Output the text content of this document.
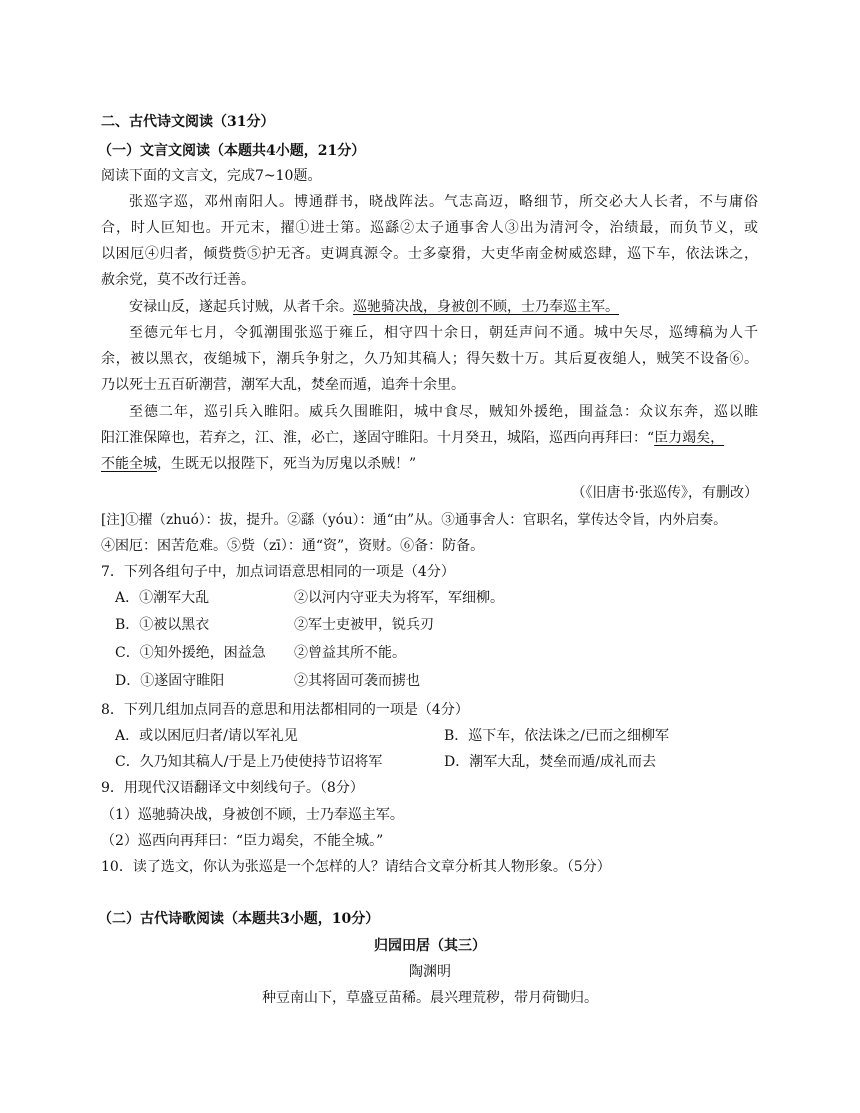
二、古代诗文阅读（31分）
（一）文言文阅读（本题共4小题，21分）
阅读下面的文言文，完成7~10题。
张巡字巡，邓州南阳人。博通群书，晓战阵法。气志高迈，略细节，所交必大人长者，不与庸俗
合，时人叵知也。开元末，擢①进士第。巡繇②太子通事舍人③出为清河令，治绩最，而负节义，或
以困厄④归者，倾赀赀⑤护无吝。吏调真源令。士多豪猾，大吏华南金树威恣肆，巡下车，依法诛之，
赦余党，莫不改行迁善。
安禄山反，遂起兵讨贼，从者千余。巡驰骑决战，身被创不顾，士乃奉巡主军。
至德元年七月，令狐潮围张巡于雍丘，相守四十余日，朝廷声问不通。城中矢尽，巡缚稿为人千
余，被以黑衣，夜缒城下，潮兵争射之，久乃知其稿人；得矢数十万。其后夏夜缒人，贼笑不设备⑥。
乃以死士五百斫潮营，潮军大乱，焚垒而遁，追奔十余里。
至德二年，巡引兵入睢阳。威兵久围睢阳，城中食尽，贼知外援绝，围益急：众议东奔，巡以睢
阳江淮保障也，若弃之，江、淮，必亡，遂固守睢阳。十月癸丑，城陷，巡西向再拜曰：“臣力竭矣，
不能全城，生既无以报陛下，死当为厉鬼以杀贼！”
（《旧唐书·张巡传》，有删改）
[注]①擢（zhuó）：拔，提升。②繇（yóu）：通“由”从。③通事舍人：官职名，掌传达令旨，内外启奏。
④困厄：困苦危难。⑤赀（zī）：通“资”，资财。⑥备：防备。
7．下列各组句子中，加点词语意思相同的一项是（4分）
A．①潮军大乱	②以河内守亚夫为将军，军细柳。
B．①被以黑衣	②军士吏被甲，锐兵刃
C．①知外援绝，困益急 ②曾益其所不能。
D．①遂固守睢阳	②其将固可袭而掳也
8．下列几组加点同吾的意思和用法都相同的一项是（4分）
A．或以困厄归者/请以军礼见	B．巡下车，依法诛之/已而之细柳军
C．久乃知其稿人/于是上乃使使持节诏将军	D．潮军大乱，焚垒而遁/成礼而去
9．用现代汉语翻译文中刻线句子。（8分）
（1）巡驰骑决战，身被创不顾，士乃奉巡主军。
（2）巡西向再拜曰：“臣力竭矣，不能全城。”
10．读了选文，你认为张巡是一个怎样的人？请结合文章分析其人物形象。（5分）
（二）古代诗歌阅读（本题共3小题，10分）
归园田居（其三）
陶渊明
种豆南山下，草盛豆苗稀。晨兴理荒秽，带月荷锄归。
